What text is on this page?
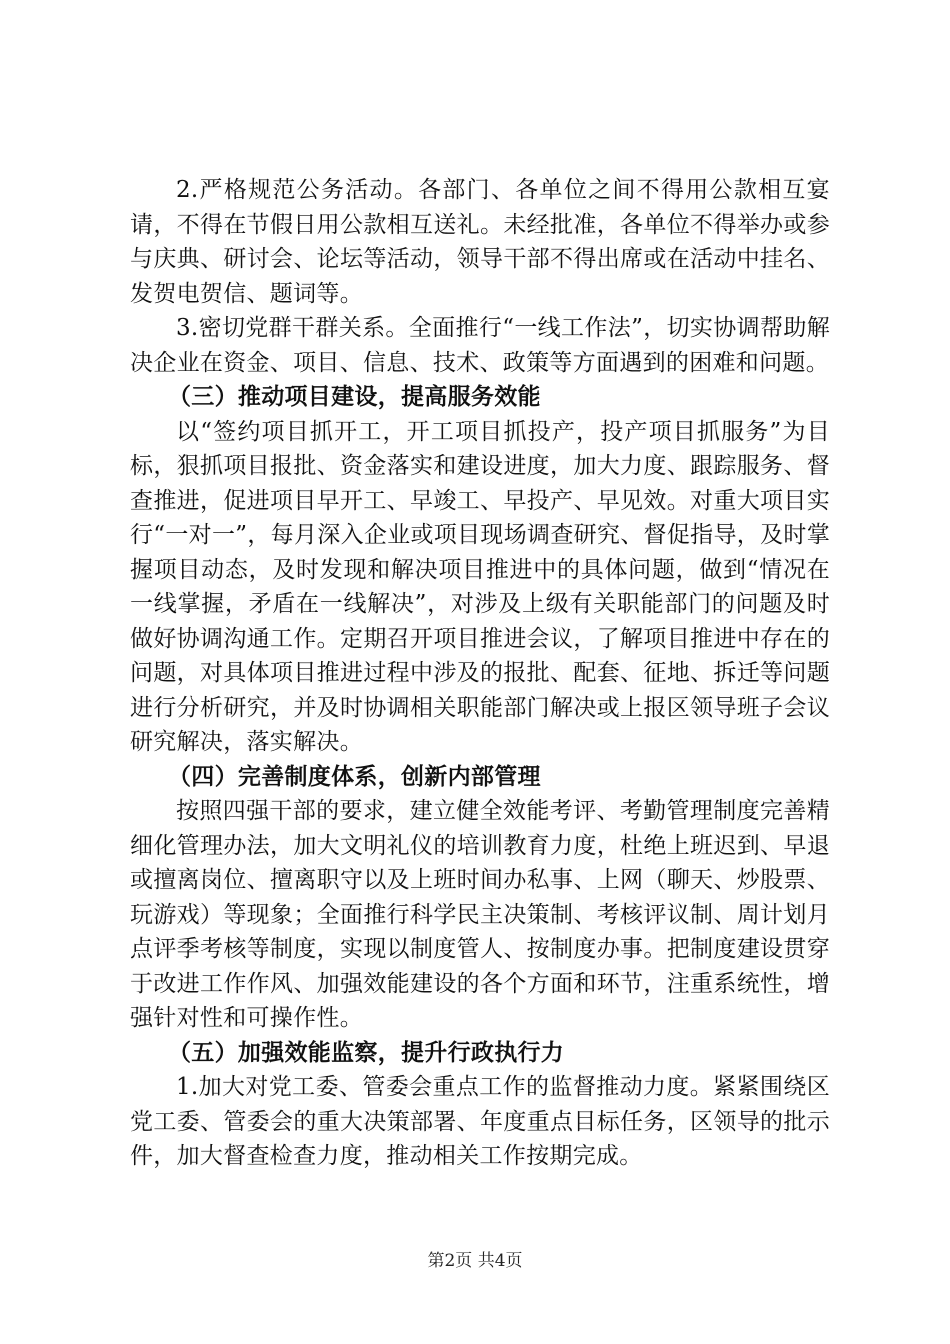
2.严格规范公务活动。各部门、各单位之间不得用公款相互宴请，不得在节假日用公款相互送礼。未经批准，各单位不得举办或参与庆典、研讨会、论坛等活动，领导干部不得出席或在活动中挂名、发贺电贺信、题词等。

3.密切党群干群关系。全面推行“一线工作法”，切实协调帮助解决企业在资金、项目、信息、技术、政策等方面遇到的困难和问题。

（三）推动项目建设，提高服务效能

以“签约项目抓开工，开工项目抓投产，投产项目抓服务”为目标，狠抓项目报批、资金落实和建设进度，加大力度、跟踪服务、督查推进，促进项目早开工、早竣工、早投产、早见效。对重大项目实行“一对一”，每月深入企业或项目现场调查研究、督促指导，及时掌握项目动态，及时发现和解决项目推进中的具体问题，做到“情况在一线掌握，矛盾在一线解决”，对涉及上级有关职能部门的问题及时做好协调沟通工作。定期召开项目推进会议，了解项目推进中存在的问题，对具体项目推进过程中涉及的报批、配套、征地、拆迁等问题进行分析研究，并及时协调相关职能部门解决或上报区领导班子会议研究解决，落实解决。

（四）完善制度体系，创新内部管理

按照四强干部的要求，建立健全效能考评、考勤管理制度完善精细化管理办法，加大文明礼仪的培训教育力度，杜绝上班迟到、早退或擅离岗位、擅离职守以及上班时间办私事、上网（聊天、炒股票、玩游戏）等现象；全面推行科学民主决策制、考核评议制、周计划月点评季考核等制度，实现以制度管人、按制度办事。把制度建设贯穿于改进工作作风、加强效能建设的各个方面和环节，注重系统性，增强针对性和可操作性。

（五）加强效能监察，提升行政执行力

1.加大对党工委、管委会重点工作的监督推动力度。紧紧围绕区党工委、管委会的重大决策部署、年度重点目标任务，区领导的批示件，加大督查检查力度，推动相关工作按期完成。

第2页 共4页
